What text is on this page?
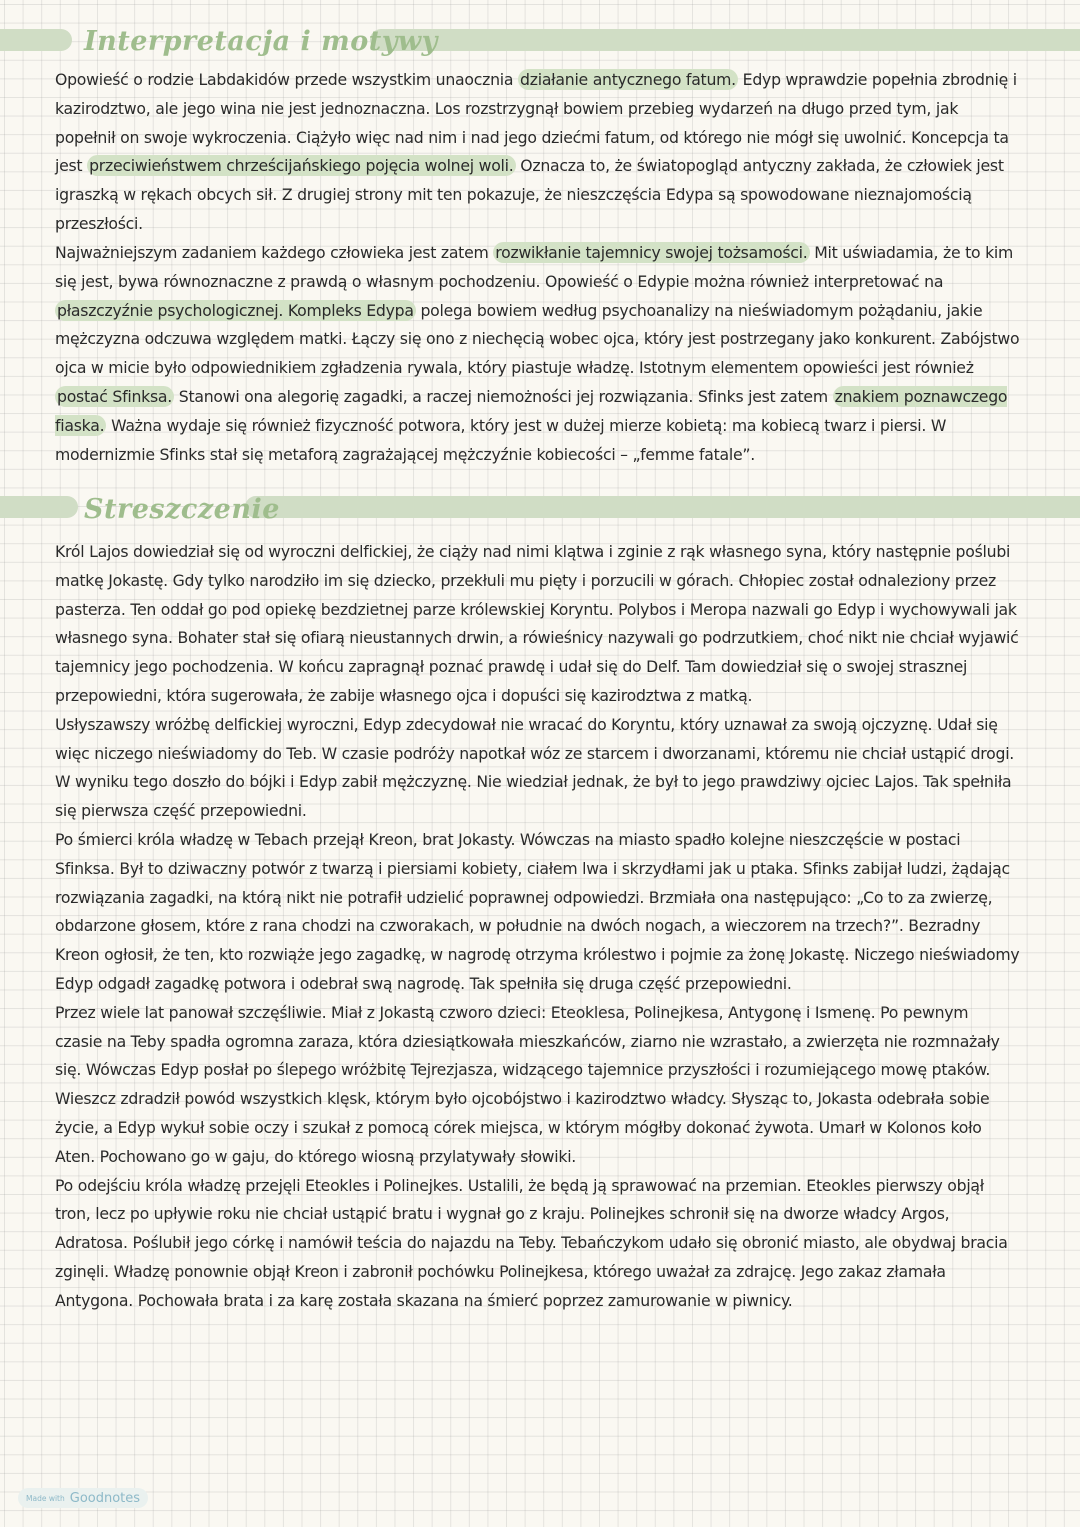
Interpretacja i motywy

Opowieść o rodzie Labdakidów przede wszystkim unaocznia działanie antycznego fatum. Edyp wprawdzie popełnia zbrodnię i kazirodztwo, ale jego wina nie jest jednoznaczna. Los rozstrzygnął bowiem przebieg wydarzeń na długo przed tym, jak popełnił on swoje wykroczenia. Ciążyło więc nad nim i nad jego dziećmi fatum, od którego nie mógł się uwolnić. Koncepcja ta jest przeciwieństwem chrześcijańskiego pojęcia wolnej woli. Oznacza to, że światopogląd antyczny zakłada, że człowiek jest igraszką w rękach obcych sił. Z drugiej strony mit ten pokazuje, że nieszczęścia Edypa są spowodowane nieznajomością przeszłości.

Najważniejszym zadaniem każdego człowieka jest zatem rozwikłanie tajemnicy swojej tożsamości. Mit uświadamia, że to kim się jest, bywa równoznaczne z prawdą o własnym pochodzeniu. Opowieść o Edypie można również interpretować na płaszczyźnie psychologicznej. Kompleks Edypa polega bowiem według psychoanalizy na nieświadomym pożądaniu, jakie mężczyzna odczuwa względem matki. Łączy się ono z niechęcią wobec ojca, który jest postrzegany jako konkurent. Zabójstwo ojca w micie było odpowiednikiem zgładzenia rywala, który piastuje władzę. Istotnym elementem opowieści jest również postać Sfinksa. Stanowi ona alegorię zagadki, a raczej niemożności jej rozwiązania. Sfinks jest zatem znakiem poznawczego fiaska. Ważna wydaje się również fizyczność potwora, który jest w dużej mierze kobietą: ma kobiecą twarz i piersi. W modernizmie Sfinks stał się metaforą zagrażającej mężczyźnie kobiecości – „femme fatale”.

Streszczenie

Król Lajos dowiedział się od wyroczni delfickiej, że ciąży nad nimi klątwa i zginie z rąk własnego syna, który następnie poślubi matkę Jokastę. Gdy tylko narodziło im się dziecko, przekłuli mu pięty i porzucili w górach. Chłopiec został odnaleziony przez pasterza. Ten oddał go pod opiekę bezdzietnej parze królewskiej Koryntu. Polybos i Meropa nazwali go Edyp i wychowywali jak własnego syna. Bohater stał się ofiarą nieustannych drwin, a rówieśnicy nazywali go podrzutkiem, choć nikt nie chciał wyjawić tajemnicy jego pochodzenia. W końcu zapragnął poznać prawdę i udał się do Delf. Tam dowiedział się o swojej strasznej przepowiedni, która sugerowała, że zabije własnego ojca i dopuści się kazirodztwa z matką.
Usłyszawszy wróżbę delfickiej wyroczni, Edyp zdecydował nie wracać do Koryntu, który uznawał za swoją ojczyznę. Udał się więc niczego nieświadomy do Teb. W czasie podróży napotkał wóz ze starcem i dworzanami, któremu nie chciał ustąpić drogi. W wyniku tego doszło do bójki i Edyp zabił mężczyznę. Nie wiedział jednak, że był to jego prawdziwy ojciec Lajos. Tak spełniła się pierwsza część przepowiedni.
Po śmierci króla władzę w Tebach przejął Kreon, brat Jokasty. Wówczas na miasto spadło kolejne nieszczęście w postaci Sfinksa. Był to dziwaczny potwór z twarzą i piersiami kobiety, ciałem lwa i skrzydłami jak u ptaka. Sfinks zabijał ludzi, żądając rozwiązania zagadki, na którą nikt nie potrafił udzielić poprawnej odpowiedzi. Brzmiała ona następująco: „Co to za zwierzę, obdarzone głosem, które z rana chodzi na czworakach, w południe na dwóch nogach, a wieczorem na trzech?”. Bezradny Kreon ogłosił, że ten, kto rozwiąże jego zagadkę, w nagrodę otrzyma królestwo i pojmie za żonę Jokastę. Niczego nieświadomy Edyp odgadł zagadkę potwora i odebrał swą nagrodę. Tak spełniła się druga część przepowiedni.
Przez wiele lat panował szczęśliwie. Miał z Jokastą czworo dzieci: Eteoklesa, Polinejkesa, Antygonę i Ismenę. Po pewnym czasie na Teby spadła ogromna zaraza, która dziesiątkowała mieszkańców, ziarno nie wzrastało, a zwierzęta nie rozmnażały się. Wówczas Edyp posłał po ślepego wróżbitę Tejrezjasza, widzącego tajemnice przyszłości i rozumiejącego mowę ptaków. Wieszcz zdradził powód wszystkich klęsk, którym było ojcobójstwo i kazirodztwo władcy. Słysząc to, Jokasta odebrała sobie życie, a Edyp wykuł sobie oczy i szukał z pomocą córek miejsca, w którym mógłby dokonać żywota. Umarł w Kolonos koło Aten. Pochowano go w gaju, do którego wiosną przylatywały słowiki.
Po odejściu króla władzę przejęli Eteokles i Polinejkes. Ustalili, że będą ją sprawować na przemian. Eteokles pierwszy objął tron, lecz po upływie roku nie chciał ustąpić bratu i wygnał go z kraju. Polinejkes schronił się na dworze władcy Argos, Adratosa. Poślubił jego córkę i namówił teścia do najazdu na Teby. Tebańczykom udało się obronić miasto, ale obydwaj bracia zginęli. Władzę ponownie objął Kreon i zabronił pochówku Polinejkesa, którego uważał za zdrajcę. Jego zakaz złamała Antygona. Pochowała brata i za karę została skazana na śmierć poprzez zamurowanie w piwnicy.

Made with Goodnotes
